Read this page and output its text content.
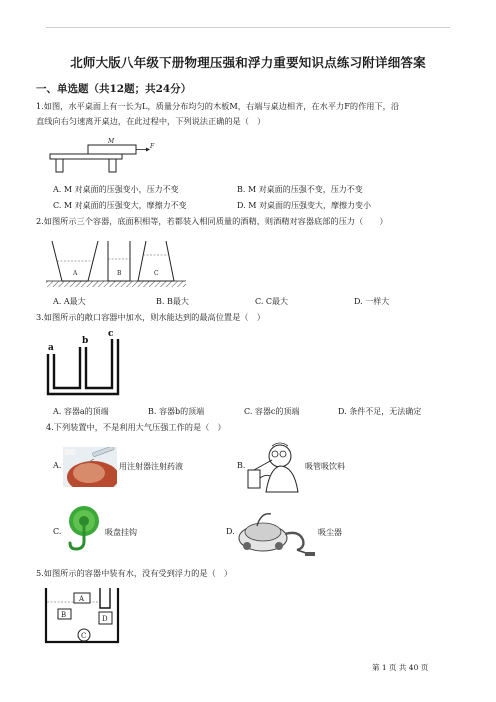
北师大版八年级下册物理压强和浮力重要知识点练习附详细答案
一、单选题（共12题；共24分）
1.如图，水平桌面上有一长为L，质量分布均匀的木板M，右端与桌边相齐，在水平力F的作用下，沿
直线向右匀速离开桌边，在此过程中，下列说法正确的是（　）
M
F
A. M 对桌面的压强变小，压力不变	B. M 对桌面的压强不变，压力不变
C. M 对桌面的压强变大，摩擦力不变	D. M 对桌面的压强变大，摩擦力变小
2.如图所示三个容器，底面积相等，若都装入相同质量的酒精，则酒精对容器底部的压力（　　）
A	B	C
A. A最大	B. B最大	C. C最大	D. 一样大
3.如图所示的敞口容器中加水，则水能达到的最高位置是（　）
a
b
c
A. 容器a的顶端	B. 容器b的顶端	C. 容器c的顶端	D. 条件不足，无法确定
4.下列装置中，不是利用大气压强工作的是（　）
A.	用注射器注射药液	B.	吸管吸饮料
C.	吸盘挂钩	D.	吸尘器
5.如图所示的容器中装有水，没有受到浮力的是（　）
A
B
C
D
第 1 页 共 40 页
